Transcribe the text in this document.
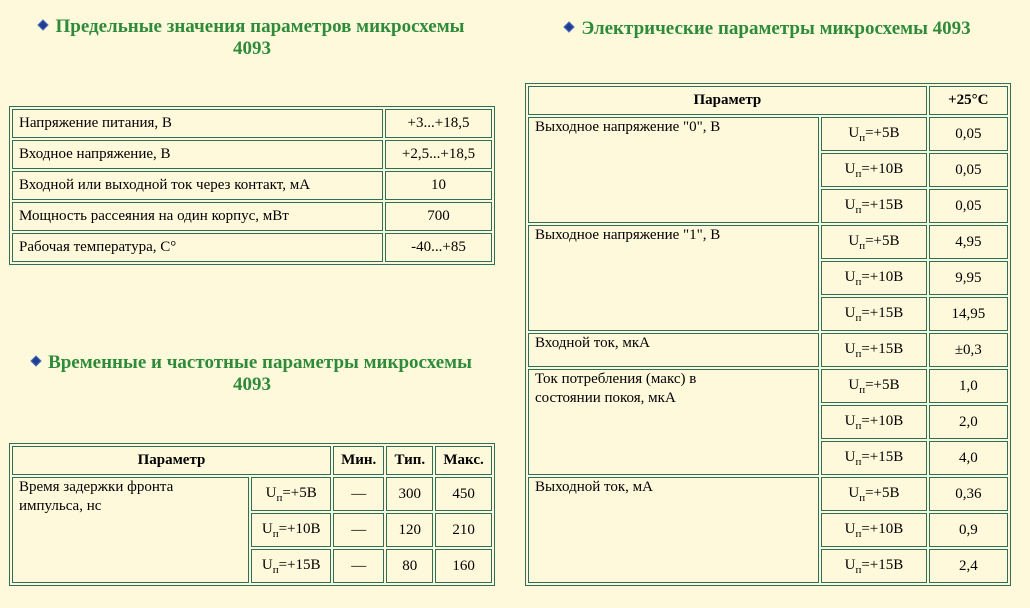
Предельные значения параметров микросхемы
4093
Напряжение питания, В	+3...+18,5
Входное напряжение, В	+2,5...+18,5
Входной или выходной ток через контакт, мА	10
Мощность рассеяния на один корпус, мВт	700
Рабочая температура, С°	-40...+85
Временные и частотные параметры микросхемы
4093
Параметр		Мин.	Тип.	Макс.
Время задержки фронта
импульса, нс	$U_п=+5В$	—	300	450
	$U_п=+10В$	—	120	210
	$U_п=+15В$	—	80	160
Электрические параметры микросхемы 4093
Параметр		+25°С
Выходное напряжение "0", В	$U_п=+5В$	0,05
	$U_п=+10В$	0,05
	$U_п=+15В$	0,05
Выходное напряжение "1", В	$U_п=+5В$	4,95
	$U_п=+10В$	9,95
	$U_п=+15В$	14,95
Входной ток, мкА	$U_п=+15В$	±0,3
Ток потребления (макс) в
состоянии покоя, мкА	$U_п=+5В$	1,0
	$U_п=+10В$	2,0
	$U_п=+15В$	4,0
Выходной ток, мА	$U_п=+5В$	0,36
	$U_п=+10В$	0,9
	$U_п=+15В$	2,4
